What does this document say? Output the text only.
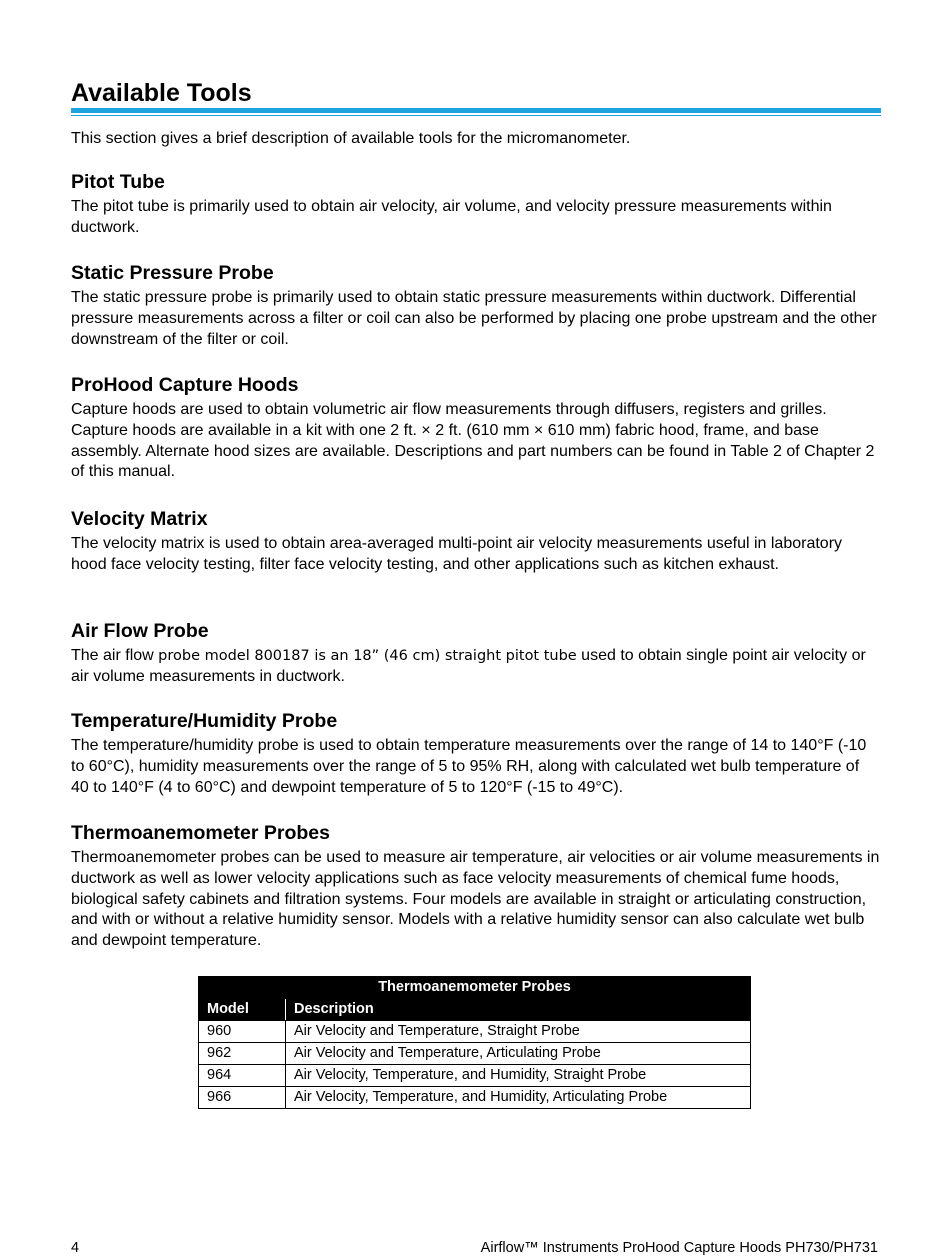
Available Tools

This section gives a brief description of available tools for the micromanometer.

Pitot Tube

The pitot tube is primarily used to obtain air velocity, air volume, and velocity pressure measurements within ductwork.

Static Pressure Probe

The static pressure probe is primarily used to obtain static pressure measurements within ductwork. Differential pressure measurements across a filter or coil can also be performed by placing one probe upstream and the other downstream of the filter or coil.

ProHood Capture Hoods

Capture hoods are used to obtain volumetric air flow measurements through diffusers, registers and grilles. Capture hoods are available in a kit with one 2 ft. × 2 ft. (610 mm × 610 mm) fabric hood, frame, and base assembly. Alternate hood sizes are available. Descriptions and part numbers can be found in Table 2 of Chapter 2 of this manual.

Velocity Matrix

The velocity matrix is used to obtain area-averaged multi-point air velocity measurements useful in laboratory hood face velocity testing, filter face velocity testing, and other applications such as kitchen exhaust.

Air Flow Probe

The air flow probe model 800187 is an 18” (46 cm) straight pitot tube used to obtain single point air velocity or air volume measurements in ductwork.

Temperature/Humidity Probe

The temperature/humidity probe is used to obtain temperature measurements over the range of 14 to 140°F (-10 to 60°C), humidity measurements over the range of 5 to 95% RH, along with calculated wet bulb temperature of 40 to 140°F (4 to 60°C) and dewpoint temperature of 5 to 120°F (-15 to 49°C).

Thermoanemometer Probes

Thermoanemometer probes can be used to measure air temperature, air velocities or air volume measurements in ductwork as well as lower velocity applications such as face velocity measurements of chemical fume hoods, biological safety cabinets and filtration systems. Four models are available in straight or articulating construction, and with or without a relative humidity sensor. Models with a relative humidity sensor can also calculate wet bulb and dewpoint temperature.

Thermoanemometer Probes	
Model	Description
960	Air Velocity and Temperature, Straight Probe
962	Air Velocity and Temperature, Articulating Probe
964	Air Velocity, Temperature, and Humidity, Straight Probe
966	Air Velocity, Temperature, and Humidity, Articulating Probe
4	Airflow™ Instruments ProHood Capture Hoods PH730/PH731
